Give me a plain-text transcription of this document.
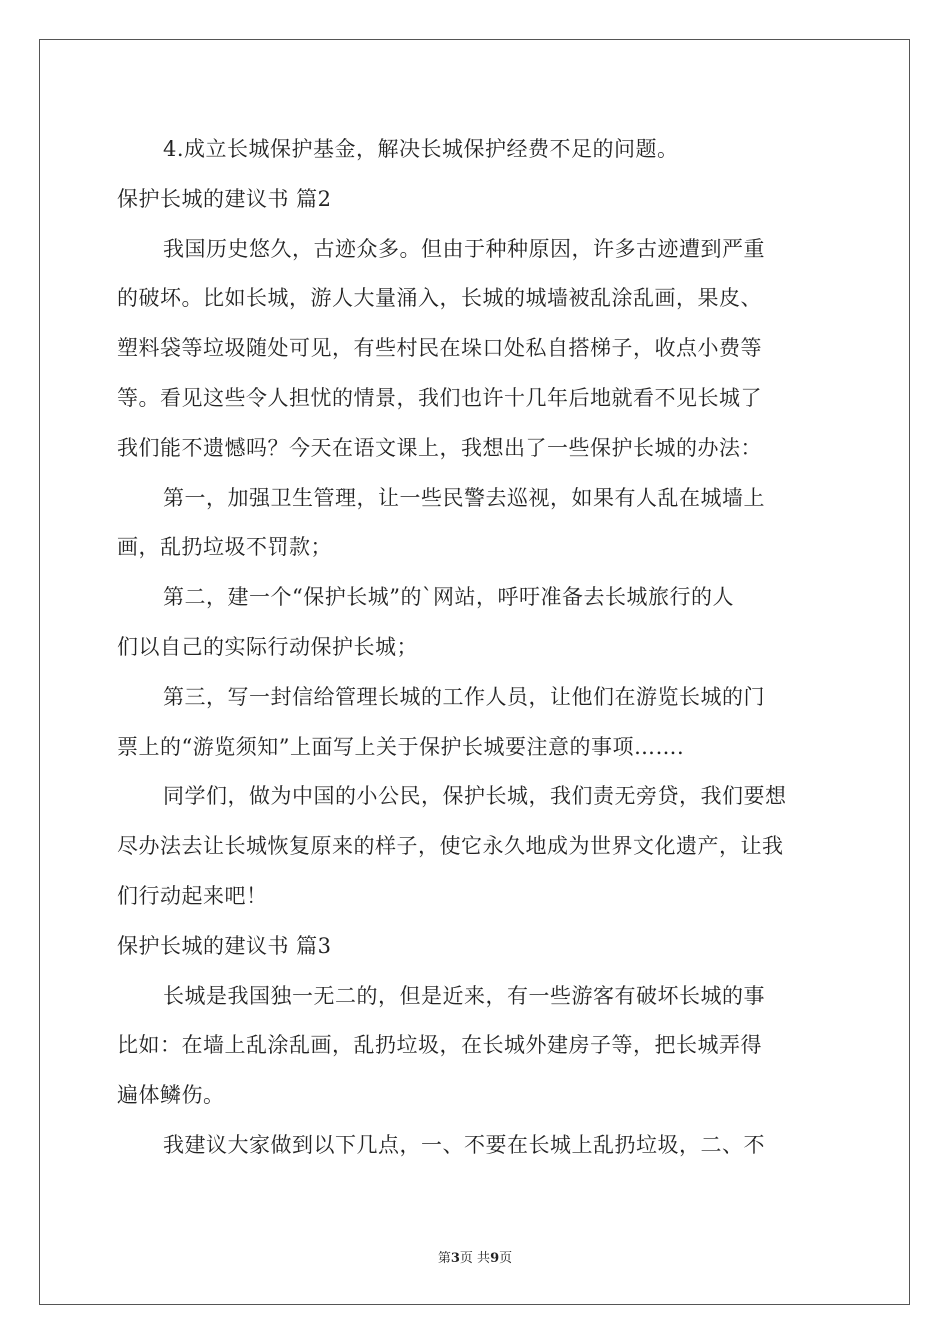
4.成立长城保护基金，解决长城保护经费不足的问题。
保护长城的建议书 篇2
我国历史悠久，古迹众多。但由于种种原因，许多古迹遭到严重
的破坏。比如长城，游人大量涌入，长城的城墙被乱涂乱画，果皮、
塑料袋等垃圾随处可见，有些村民在垛口处私自搭梯子，收点小费等
等。看见这些令人担忧的情景，我们也许十几年后地就看不见长城了
我们能不遗憾吗？今天在语文课上，我想出了一些保护长城的办法：
第一，加强卫生管理，让一些民警去巡视，如果有人乱在城墙上
画，乱扔垃圾不罚款；
第二，建一个“保护长城”的`网站，呼吁准备去长城旅行的人
们以自己的实际行动保护长城；
第三，写一封信给管理长城的工作人员，让他们在游览长城的门
票上的“游览须知”上面写上关于保护长城要注意的事项…….
同学们，做为中国的小公民，保护长城，我们责无旁贷，我们要想
尽办法去让长城恢复原来的样子，使它永久地成为世界文化遗产，让我
们行动起来吧！
保护长城的建议书 篇3
长城是我国独一无二的，但是近来，有一些游客有破坏长城的事
比如：在墙上乱涂乱画，乱扔垃圾，在长城外建房子等，把长城弄得
遍体鳞伤。
我建议大家做到以下几点，一、不要在长城上乱扔垃圾，二、不
第3页 共9页
